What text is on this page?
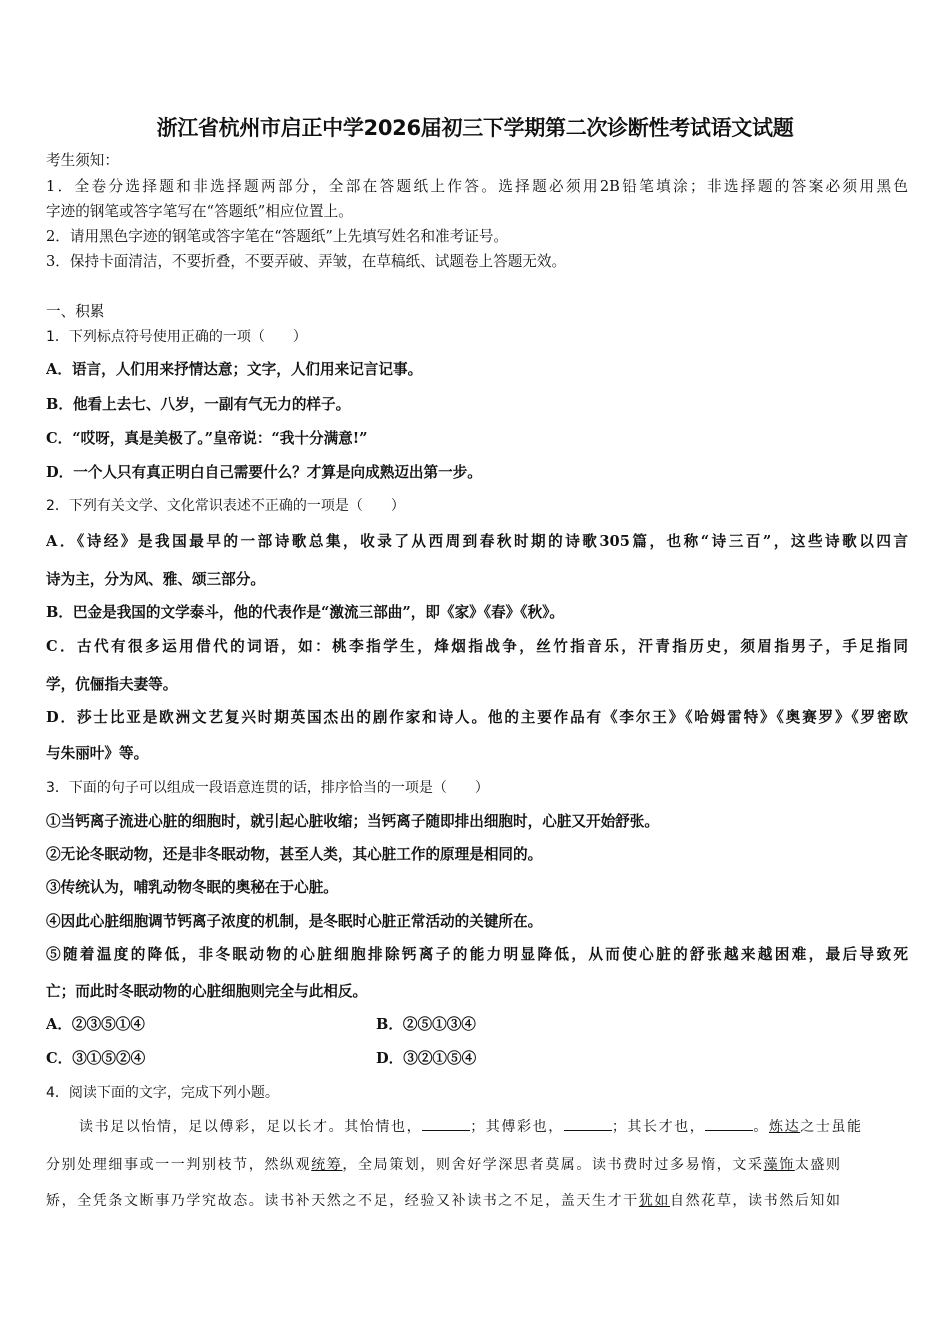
浙江省杭州市启正中学2026届初三下学期第二次诊断性考试语文试题
考生须知：
1．全卷分选择题和非选择题两部分，全部在答题纸上作答。选择题必须用2B铅笔填涂；非选择题的答案必须用黑色
字迹的钢笔或答字笔写在“答题纸”相应位置上。
2．请用黑色字迹的钢笔或答字笔在“答题纸”上先填写姓名和准考证号。
3．保持卡面清洁，不要折叠，不要弄破、弄皱，在草稿纸、试题卷上答题无效。
一、积累
1．下列标点符号使用正确的一项（　　）
A．语言，人们用来抒情达意；文字，人们用来记言记事。
B．他看上去七、八岁，一副有气无力的样子。
C．“哎呀，真是美极了。”皇帝说：“我十分满意!”
D．一个人只有真正明白自己需要什么？才算是向成熟迈出第一步。
2．下列有关文学、文化常识表述不正确的一项是（　　）
A．《诗经》是我国最早的一部诗歌总集，收录了从西周到春秋时期的诗歌305篇，也称“诗三百”，这些诗歌以四言
诗为主，分为风、雅、颂三部分。
B．巴金是我国的文学泰斗，他的代表作是“激流三部曲”，即《家》《春》《秋》。
C．古代有很多运用借代的词语，如：桃李指学生，烽烟指战争，丝竹指音乐，汗青指历史，须眉指男子，手足指同
学，伉俪指夫妻等。
D．莎士比亚是欧洲文艺复兴时期英国杰出的剧作家和诗人。他的主要作品有《李尔王》《哈姆雷特》《奥赛罗》《罗密欧
与朱丽叶》等。
3．下面的句子可以组成一段语意连贯的话，排序恰当的一项是（　　）
①当钙离子流进心脏的细胞时，就引起心脏收缩；当钙离子随即排出细胞时，心脏又开始舒张。
②无论冬眠动物，还是非冬眠动物，甚至人类，其心脏工作的原理是相同的。
③传统认为，哺乳动物冬眠的奥秘在于心脏。
④因此心脏细胞调节钙离子浓度的机制，是冬眠时心脏正常活动的关键所在。
⑤随着温度的降低，非冬眠动物的心脏细胞排除钙离子的能力明显降低，从而使心脏的舒张越来越困难，最后导致死
亡；而此时冬眠动物的心脏细胞则完全与此相反。
A．②③⑤①④	B．②⑤①③④
C．③①⑤②④	D．③②①⑤④
4．阅读下面的文字，完成下列小题。
读书足以怡情，足以傅彩，足以长才。其怡情也，	；其傅彩也，	；其长才也，	。炼达之士虽能
分别处理细事或一一判别枝节，然纵观统筹，全局策划，则舍好学深思者莫属。读书费时过多易惰，文采藻饰太盛则
矫，全凭条文断事乃学究故态。读书补天然之不足，经验又补读书之不足，盖天生才干犹如自然花草，读书然后知如
